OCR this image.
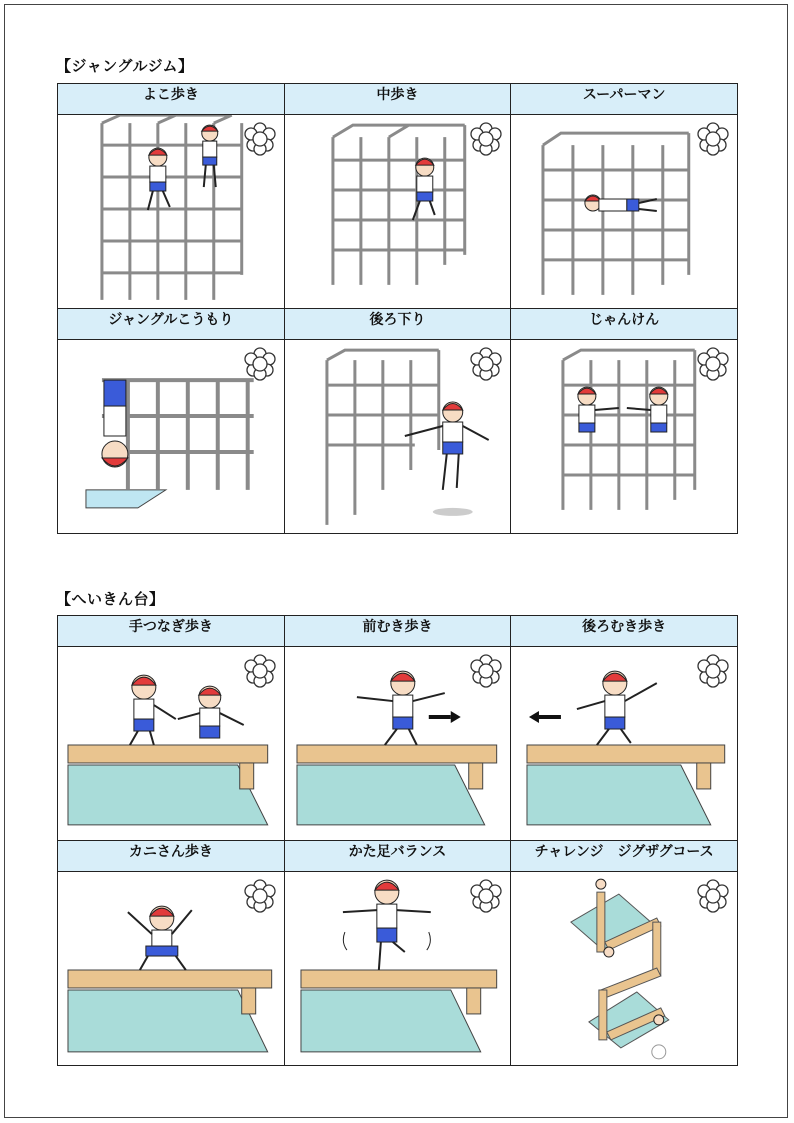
【ジャングルジム】
よこ歩き	中歩き	スーパーマン

ジャングルこうもり	後ろ下り	じゃんけん

【へいきん台】
手つなぎ歩き	前むき歩き	後ろむき歩き

カニさん歩き	かた足バランス	チャレンジ　ジグザグコース
